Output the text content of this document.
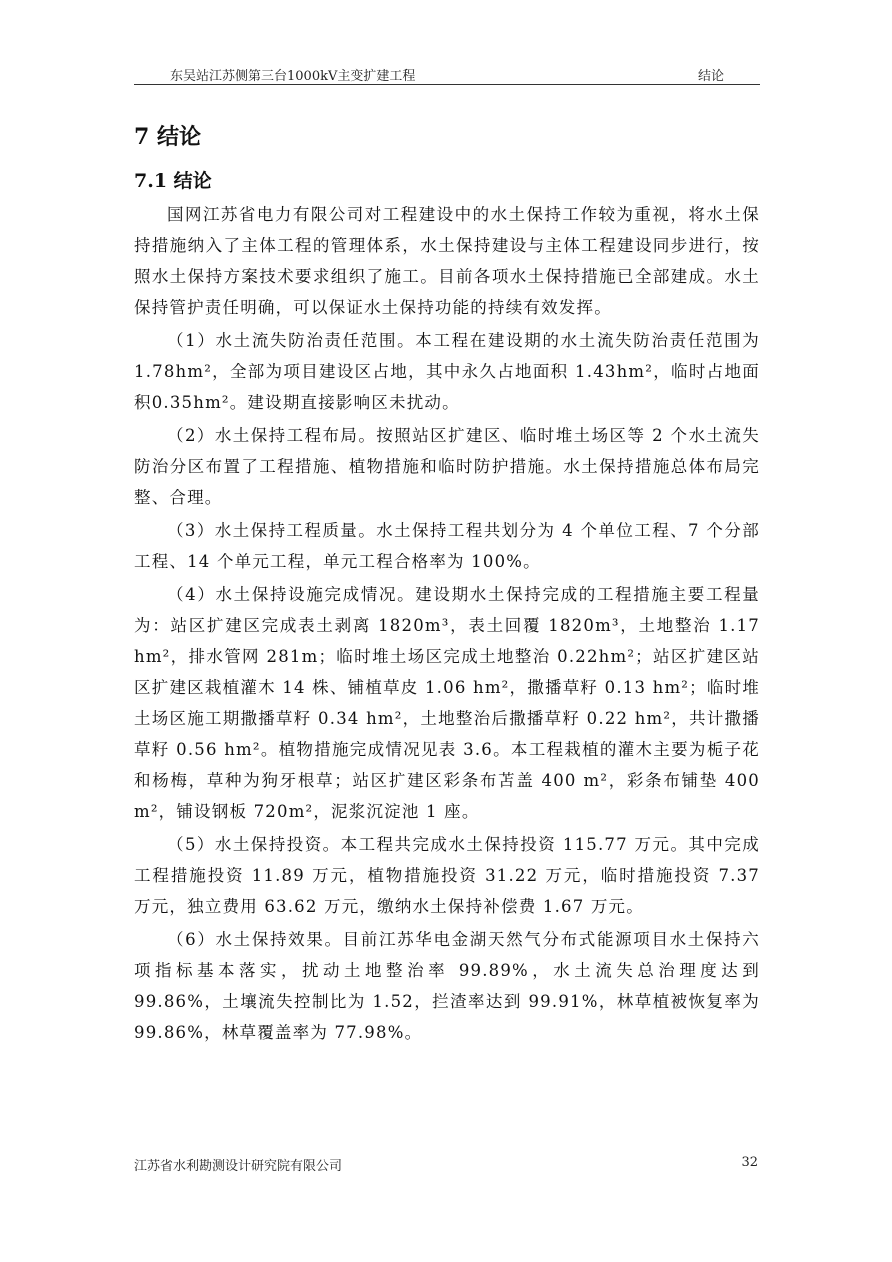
东吴站江苏侧第三台1000kV主变扩建工程	结论
7 结论
7.1 结论

国网江苏省电力有限公司对工程建设中的水土保持工作较为重视，将水土保持措施纳入了主体工程的管理体系，水土保持建设与主体工程建设同步进行，按照水土保持方案技术要求组织了施工。目前各项水土保持措施已全部建成。水土保持管护责任明确，可以保证水土保持功能的持续有效发挥。

（1）水土流失防治责任范围。本工程在建设期的水土流失防治责任范围为1.78hm²，全部为项目建设区占地，其中永久占地面积 1.43hm²，临时占地面积0.35hm²。建设期直接影响区未扰动。

（2）水土保持工程布局。按照站区扩建区、临时堆土场区等 2 个水土流失防治分区布置了工程措施、植物措施和临时防护措施。水土保持措施总体布局完整、合理。

（3）水土保持工程质量。水土保持工程共划分为 4 个单位工程、7 个分部工程、14 个单元工程，单元工程合格率为 100%。

（4）水土保持设施完成情况。建设期水土保持完成的工程措施主要工程量为：站区扩建区完成表土剥离 1820m³，表土回覆 1820m³，土地整治 1.17 hm²，排水管网 281m；临时堆土场区完成土地整治 0.22hm²；站区扩建区站区扩建区栽植灌木 14 株、铺植草皮 1.06 hm²，撒播草籽 0.13 hm²；临时堆土场区施工期撒播草籽 0.34 hm²，土地整治后撒播草籽 0.22 hm²，共计撒播草籽 0.56 hm²。植物措施完成情况见表 3.6。本工程栽植的灌木主要为栀子花和杨梅，草种为狗牙根草；站区扩建区彩条布苫盖 400 m²，彩条布铺垫 400 m²，铺设钢板 720m²，泥浆沉淀池 1 座。

（5）水土保持投资。本工程共完成水土保持投资 115.77 万元。其中完成工程措施投资 11.89 万元，植物措施投资 31.22 万元，临时措施投资 7.37 万元，独立费用 63.62 万元，缴纳水土保持补偿费 1.67 万元。

（6）水土保持效果。目前江苏华电金湖天然气分布式能源项目水土保持六项指标基本落实，扰动土地整治率 99.89%，水土流失总治理度达到 99.86%，土壤流失控制比为 1.52，拦渣率达到 99.91%，林草植被恢复率为 99.86%，林草覆盖率为 77.98%。

江苏省水利勘测设计研究院有限公司	32
